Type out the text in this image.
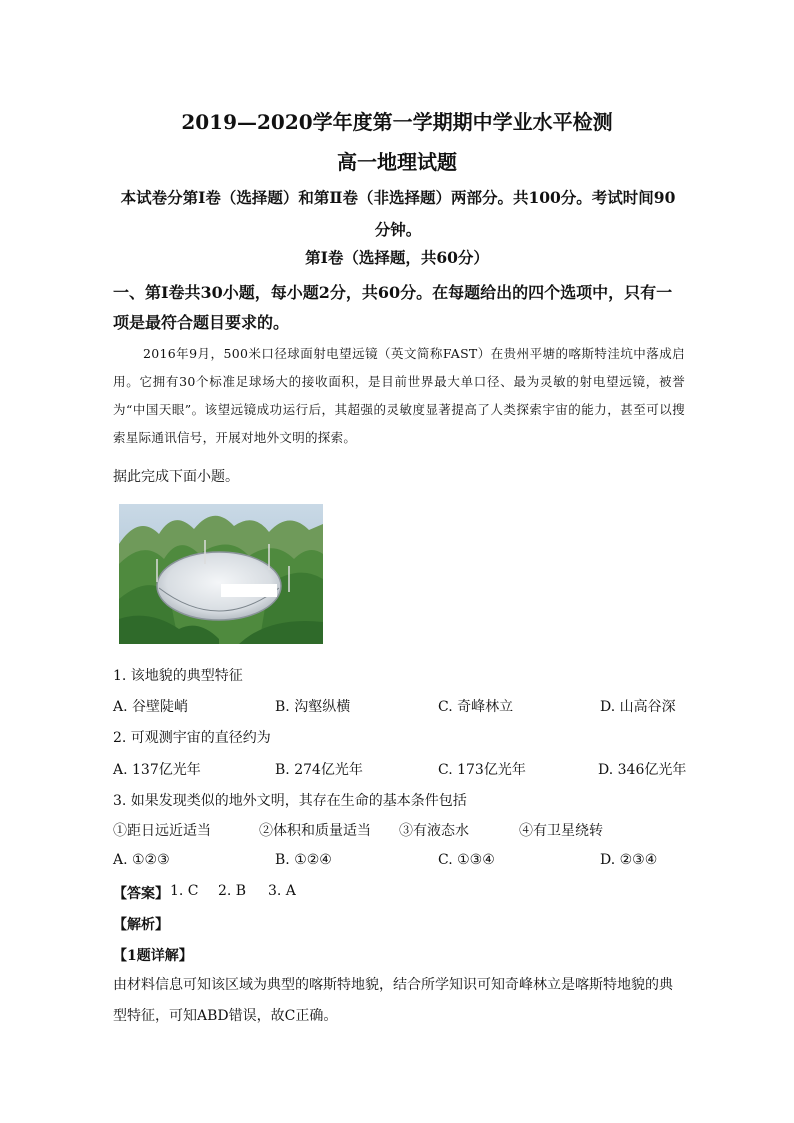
2019—2020学年度第一学期期中学业水平检测
高一地理试题
本试卷分第Ⅰ卷（选择题）和第Ⅱ卷（非选择题）两部分。共100分。考试时间90分钟。
第Ⅰ卷（选择题，共60分）
一、第Ⅰ卷共30小题，每小题2分，共60分。在每题给出的四个选项中，只有一项是最符合题目要求的。
2016年9月，500米口径球面射电望远镜（英文简称FAST）在贵州平塘的喀斯特洼坑中落成启用。它拥有30个标准足球场大的接收面积，是目前世界最大单口径、最为灵敏的射电望远镜，被誉为“中国天眼”。该望远镜成功运行后，其超强的灵敏度显著提高了人类探索宇宙的能力，甚至可以搜索星际通讯信号，开展对地外文明的探索。
据此完成下面小题。
1. 该地貌的典型特征
A. 谷壁陡峭	B. 沟壑纵横	C. 奇峰林立	D. 山高谷深
2. 可观测宇宙的直径约为
A. 137亿光年	B. 274亿光年	C. 173亿光年	D. 346亿光年
3. 如果发现类似的地外文明，其存在生命的基本条件包括
①距日远近适当	②体积和质量适当 ③有液态水	④有卫星绕转
A. ①②③	B. ①②④	C. ①③④	D. ②③④
【答案】 1. C 2. B 3. A
【解析】
【1题详解】
由材料信息可知该区域为典型的喀斯特地貌，结合所学知识可知奇峰林立是喀斯特地貌的典型特征，可知ABD错误，故C正确。
